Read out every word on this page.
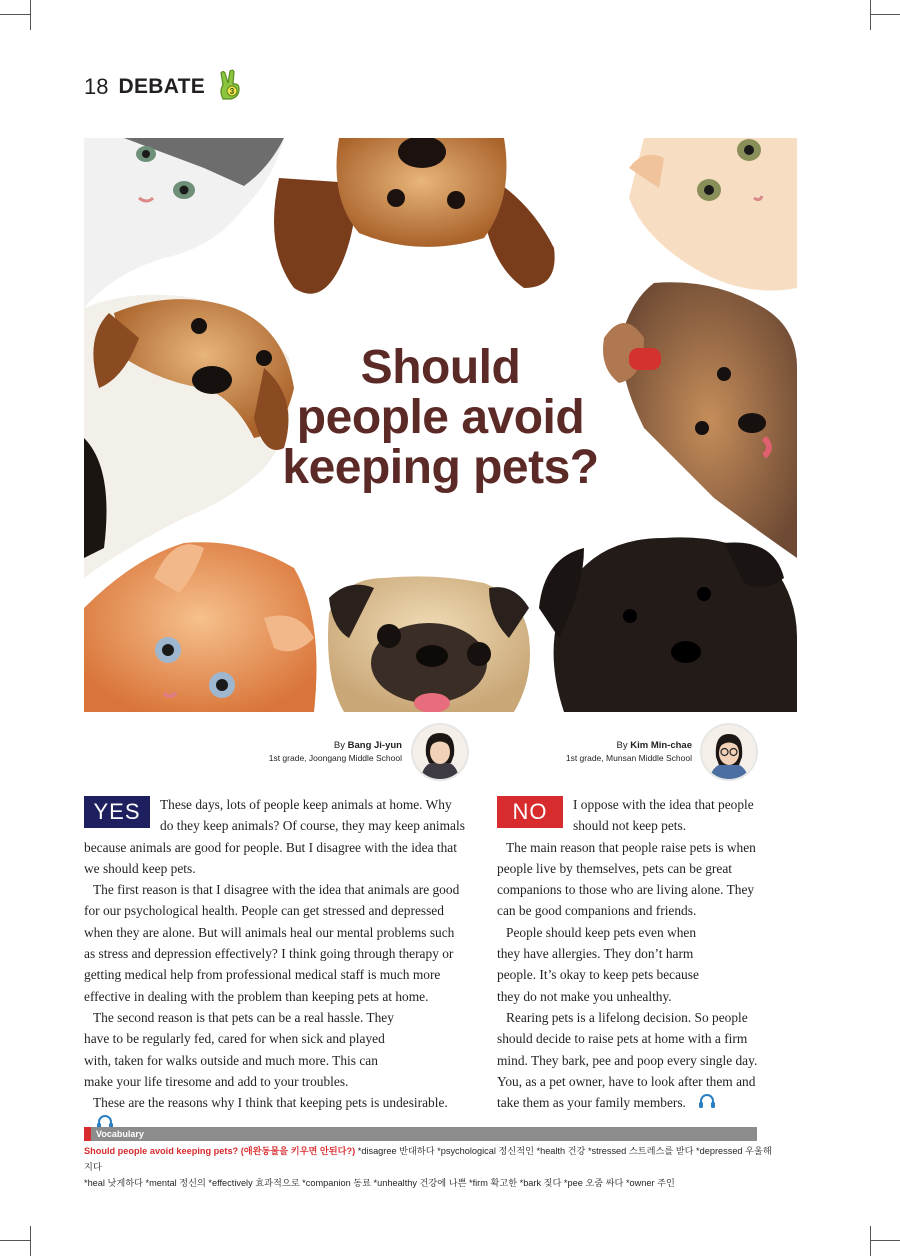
18 DEBATE	3
Should
people avoid
keeping pets?
By Bang Ji-yun
1st grade, Joongang Middle School
By Kim Min-chae
1st grade, Munsan Middle School

YES	These days, lots of people keep animals at home. Why do they keep animals? Of course, they may keep animals because animals are good for people. But I disagree with the idea that we should keep pets.

The first reason is that I disagree with the idea that animals are good for our psychological health. People can get stressed and depressed when they are alone. But will animals heal our mental problems such as stress and depression effectively? I think going through therapy or getting medical help from professional medical staff is much more effective in dealing with the problem than keeping pets at home.

The second reason is that pets can be a real hassle. They have to be regularly fed, cared for when sick and played with, taken for walks outside and much more. This can make your life tiresome and add to your troubles.

These are the reasons why I think that keeping pets is undesirable.

NO	I oppose with the idea that people should not keep pets.

The main reason that people raise pets is when people live by themselves, pets can be great companions to those who are living alone. They can be good companions and friends.

People should keep pets even when they have allergies. They don’t harm people. It’s okay to keep pets because they do not make you unhealthy.

Rearing pets is a lifelong decision. So people should decide to raise pets at home with a firm mind. They bark, pee and poop every single day. You, as a pet owner, have to look after them and take them as your family members.

Vocabulary
Should people avoid keeping pets? (애완동물을 키우면 안된다?) *disagree 반대하다 *psychological 정신적인 *health 건강 *stressed 스트레스를 받다 *depressed 우울해지다
*heal 낫게하다 *mental 정신의 *effectively 효과적으로 *companion 동료 *unhealthy 건강에 나쁜 *firm 확고한 *bark 짖다 *pee 오줌 싸다 *owner 주인
